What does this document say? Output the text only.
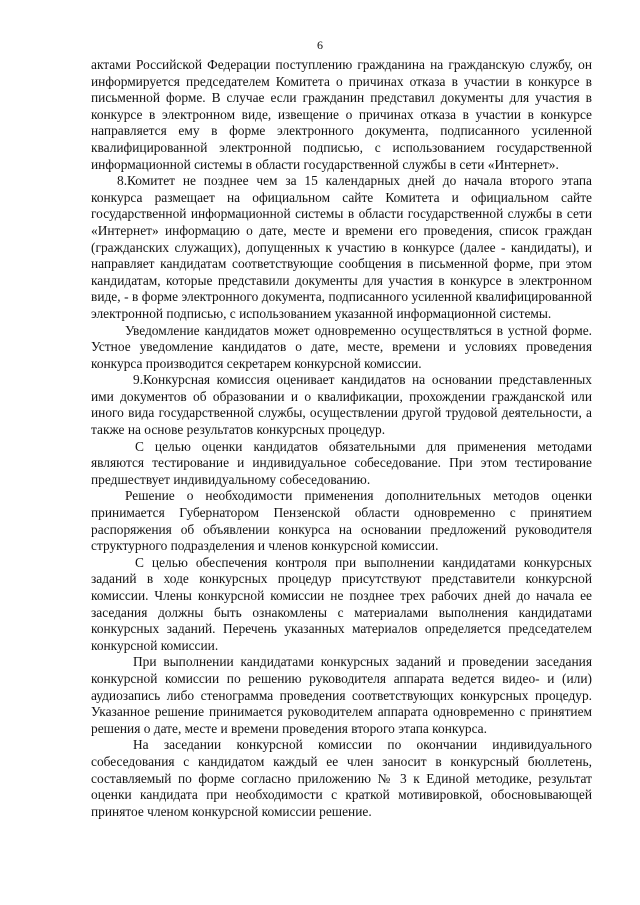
6

актами Российской Федерации поступлению гражданина на гражданскую службу, он информируется председателем Комитета о причинах отказа в участии в конкурсе в письменной форме. В случае если гражданин представил документы для участия в конкурсе в электронном виде, извещение о причинах отказа в участии в конкурсе направляется ему в форме электронного документа, подписанного усиленной квалифицированной электронной подписью, с использованием государственной информационной системы в области государственной службы в сети «Интернет».

8.Комитет не позднее чем за 15 календарных дней до начала второго этапа конкурса размещает на официальном сайте Комитета и официальном сайте государственной информационной системы в области государственной службы в сети «Интернет» информацию о дате, месте и времени его проведения, список граждан (гражданских служащих), допущенных к участию в конкурсе (далее - кандидаты), и направляет кандидатам соответствующие сообщения в письменной форме, при этом кандидатам, которые представили документы для участия в конкурсе в электронном виде, - в форме электронного документа, подписанного усиленной квалифицированной электронной подписью, с использованием указанной информационной системы.

Уведомление кандидатов может одновременно осуществляться в устной форме. Устное уведомление кандидатов о дате, месте, времени и условиях проведения конкурса производится секретарем конкурсной комиссии.

9.Конкурсная комиссия оценивает кандидатов на основании представленных ими документов об образовании и о квалификации, прохождении гражданской или иного вида государственной службы, осуществлении другой трудовой деятельности, а также на основе результатов конкурсных процедур.

С целью оценки кандидатов обязательными для применения методами являются тестирование и индивидуальное собеседование. При этом тестирование предшествует индивидуальному собеседованию.

Решение о необходимости применения дополнительных методов оценки принимается Губернатором Пензенской области одновременно с принятием распоряжения об объявлении конкурса на основании предложений руководителя структурного подразделения и членов конкурсной комиссии.

С целью обеспечения контроля при выполнении кандидатами конкурсных заданий в ходе конкурсных процедур присутствуют представители конкурсной комиссии. Члены конкурсной комиссии не позднее трех рабочих дней до начала ее заседания должны быть ознакомлены с материалами выполнения кандидатами конкурсных заданий. Перечень указанных материалов определяется председателем конкурсной комиссии.

При выполнении кандидатами конкурсных заданий и проведении заседания конкурсной комиссии по решению руководителя аппарата ведется видео- и (или) аудиозапись либо стенограмма проведения соответствующих конкурсных процедур. Указанное решение принимается руководителем аппарата одновременно с принятием решения о дате, месте и времени проведения второго этапа конкурса.

На заседании конкурсной комиссии по окончании индивидуального собеседования с кандидатом каждый ее член заносит в конкурсный бюллетень, составляемый по форме согласно приложению № 3 к Единой методике, результат оценки кандидата при необходимости с краткой мотивировкой, обосновывающей принятое членом конкурсной комиссии решение.
